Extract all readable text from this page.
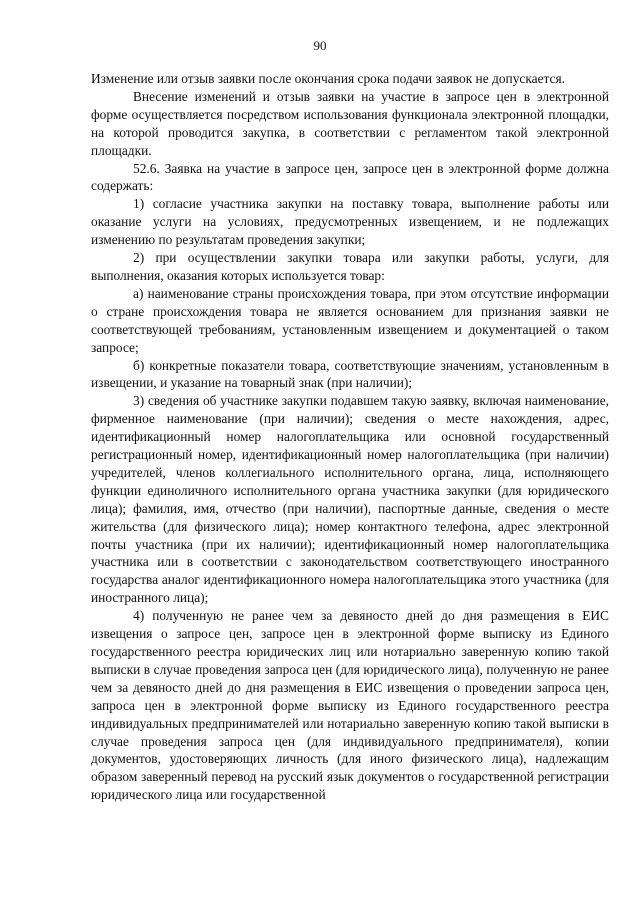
90

Изменение или отзыв заявки после окончания срока подачи заявок не допускается.

Внесение изменений и отзыв заявки на участие в запросе цен в электронной форме осуществляется посредством использования функционала электронной площадки, на которой проводится закупка, в соответствии с регламентом такой электронной площадки.

52.6. Заявка на участие в запросе цен, запросе цен в электронной форме должна содержать:

1) согласие участника закупки на поставку товара, выполнение работы или оказание услуги на условиях, предусмотренных извещением, и не подлежащих изменению по результатам проведения закупки;

2) при осуществлении закупки товара или закупки работы, услуги, для выполнения, оказания которых используется товар:

а) наименование страны происхождения товара, при этом отсутствие информации о стране происхождения товара не является основанием для признания заявки не соответствующей требованиям, установленным извещением и документацией о таком запросе;

б) конкретные показатели товара, соответствующие значениям, установленным в извещении, и указание на товарный знак (при наличии);

3) сведения об участнике закупки подавшем такую заявку, включая наименование, фирменное наименование (при наличии); сведения о месте нахождения, адрес, идентификационный номер налогоплательщика или основной государственный регистрационный номер, идентификационный номер налогоплательщика (при наличии) учредителей, членов коллегиального исполнительного органа, лица, исполняющего функции единоличного исполнительного органа участника закупки (для юридического лица); фамилия, имя, отчество (при наличии), паспортные данные, сведения о месте жительства (для физического лица); номер контактного телефона, адрес электронной почты участника (при их наличии); идентификационный номер налогоплательщика участника или в соответствии с законодательством соответствующего иностранного государства аналог идентификационного номера налогоплательщика этого участника (для иностранного лица);

4) полученную не ранее чем за девяносто дней до дня размещения в ЕИС извещения о запросе цен, запросе цен в электронной форме выписку из Единого государственного реестра юридических лиц или нотариально заверенную копию такой выписки в случае проведения запроса цен (для юридического лица), полученную не ранее чем за девяносто дней до дня размещения в ЕИС извещения о проведении запроса цен, запроса цен в электронной форме выписку из Единого государственного реестра индивидуальных предпринимателей или нотариально заверенную копию такой выписки в случае проведения запроса цен (для индивидуального предпринимателя), копии документов, удостоверяющих личность (для иного физического лица), надлежащим образом заверенный перевод на русский язык документов о государственной регистрации юридического лица или государственной
